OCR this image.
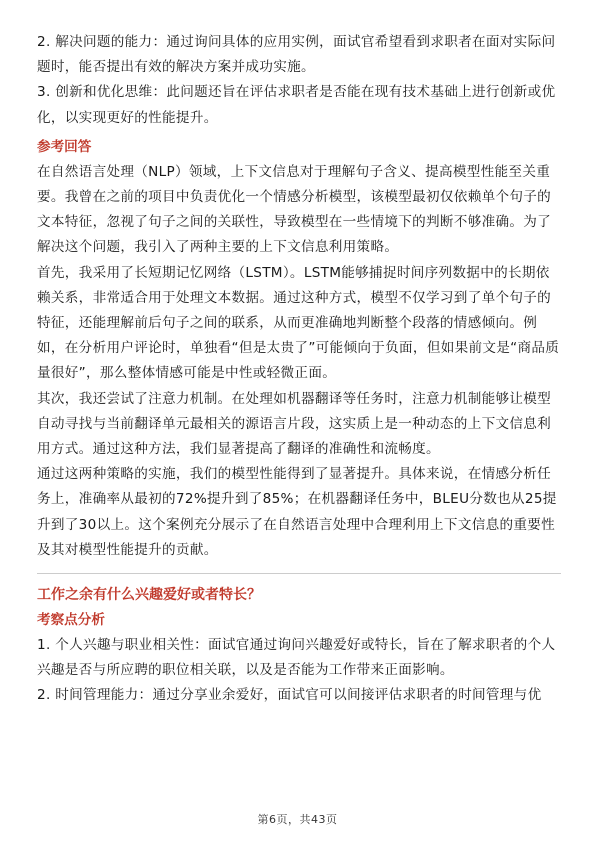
2. 解决问题的能力：通过询问具体的应用实例，面试官希望看到求职者在面对实际问题时，能否提出有效的解决方案并成功实施。

3. 创新和优化思维：此问题还旨在评估求职者是否能在现有技术基础上进行创新或优化，以实现更好的性能提升。

参考回答

在自然语言处理（NLP）领域，上下文信息对于理解句子含义、提高模型性能至关重要。我曾在之前的项目中负责优化一个情感分析模型，该模型最初仅依赖单个句子的文本特征，忽视了句子之间的关联性，导致模型在一些情境下的判断不够准确。为了解决这个问题，我引入了两种主要的上下文信息利用策略。

首先，我采用了长短期记忆网络（LSTM）。LSTM能够捕捉时间序列数据中的长期依赖关系，非常适合用于处理文本数据。通过这种方式，模型不仅学习到了单个句子的特征，还能理解前后句子之间的联系，从而更准确地判断整个段落的情感倾向。例如，在分析用户评论时，单独看“但是太贵了”可能倾向于负面，但如果前文是“商品质量很好”，那么整体情感可能是中性或轻微正面。

其次，我还尝试了注意力机制。在处理如机器翻译等任务时，注意力机制能够让模型自动寻找与当前翻译单元最相关的源语言片段，这实质上是一种动态的上下文信息利用方式。通过这种方法，我们显著提高了翻译的准确性和流畅度。

通过这两种策略的实施，我们的模型性能得到了显著提升。具体来说，在情感分析任务上，准确率从最初的72%提升到了85%；在机器翻译任务中，BLEU分数也从25提升到了30以上。这个案例充分展示了在自然语言处理中合理利用上下文信息的重要性及其对模型性能提升的贡献。

工作之余有什么兴趣爱好或者特长？
考察点分析

1. 个人兴趣与职业相关性：面试官通过询问兴趣爱好或特长，旨在了解求职者的个人兴趣是否与所应聘的职位相关联，以及是否能为工作带来正面影响。

2. 时间管理能力：通过分享业余爱好，面试官可以间接评估求职者的时间管理与优

第6页，共43页
